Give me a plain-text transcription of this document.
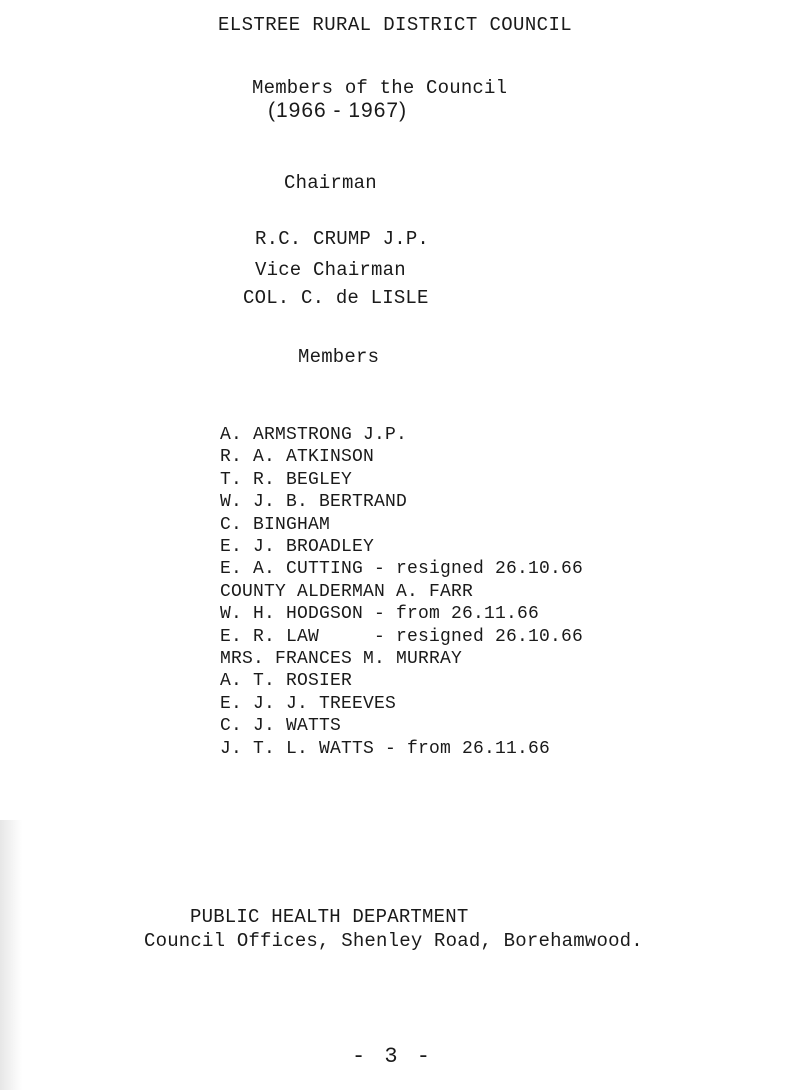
ELSTREE RURAL DISTRICT COUNCIL
Members of the Council
(1966 - 1967)
Chairman
R.C. CRUMP J.P.
Vice Chairman
COL. C. de LISLE
Members
A. ARMSTRONG J.P.
R. A. ATKINSON
T. R. BEGLEY
W. J. B. BERTRAND
C. BINGHAM
E. J. BROADLEY
E. A. CUTTING - resigned 26.10.66
COUNTY ALDERMAN A. FARR
W. H. HODGSON - from 26.11.66
E. R. LAW     - resigned 26.10.66
MRS. FRANCES M. MURRAY
A. T. ROSIER
E. J. J. TREEVES
C. J. WATTS
J. T. L. WATTS - from 26.11.66
PUBLIC HEALTH DEPARTMENT
Council Offices, Shenley Road, Borehamwood.
- 3 -
